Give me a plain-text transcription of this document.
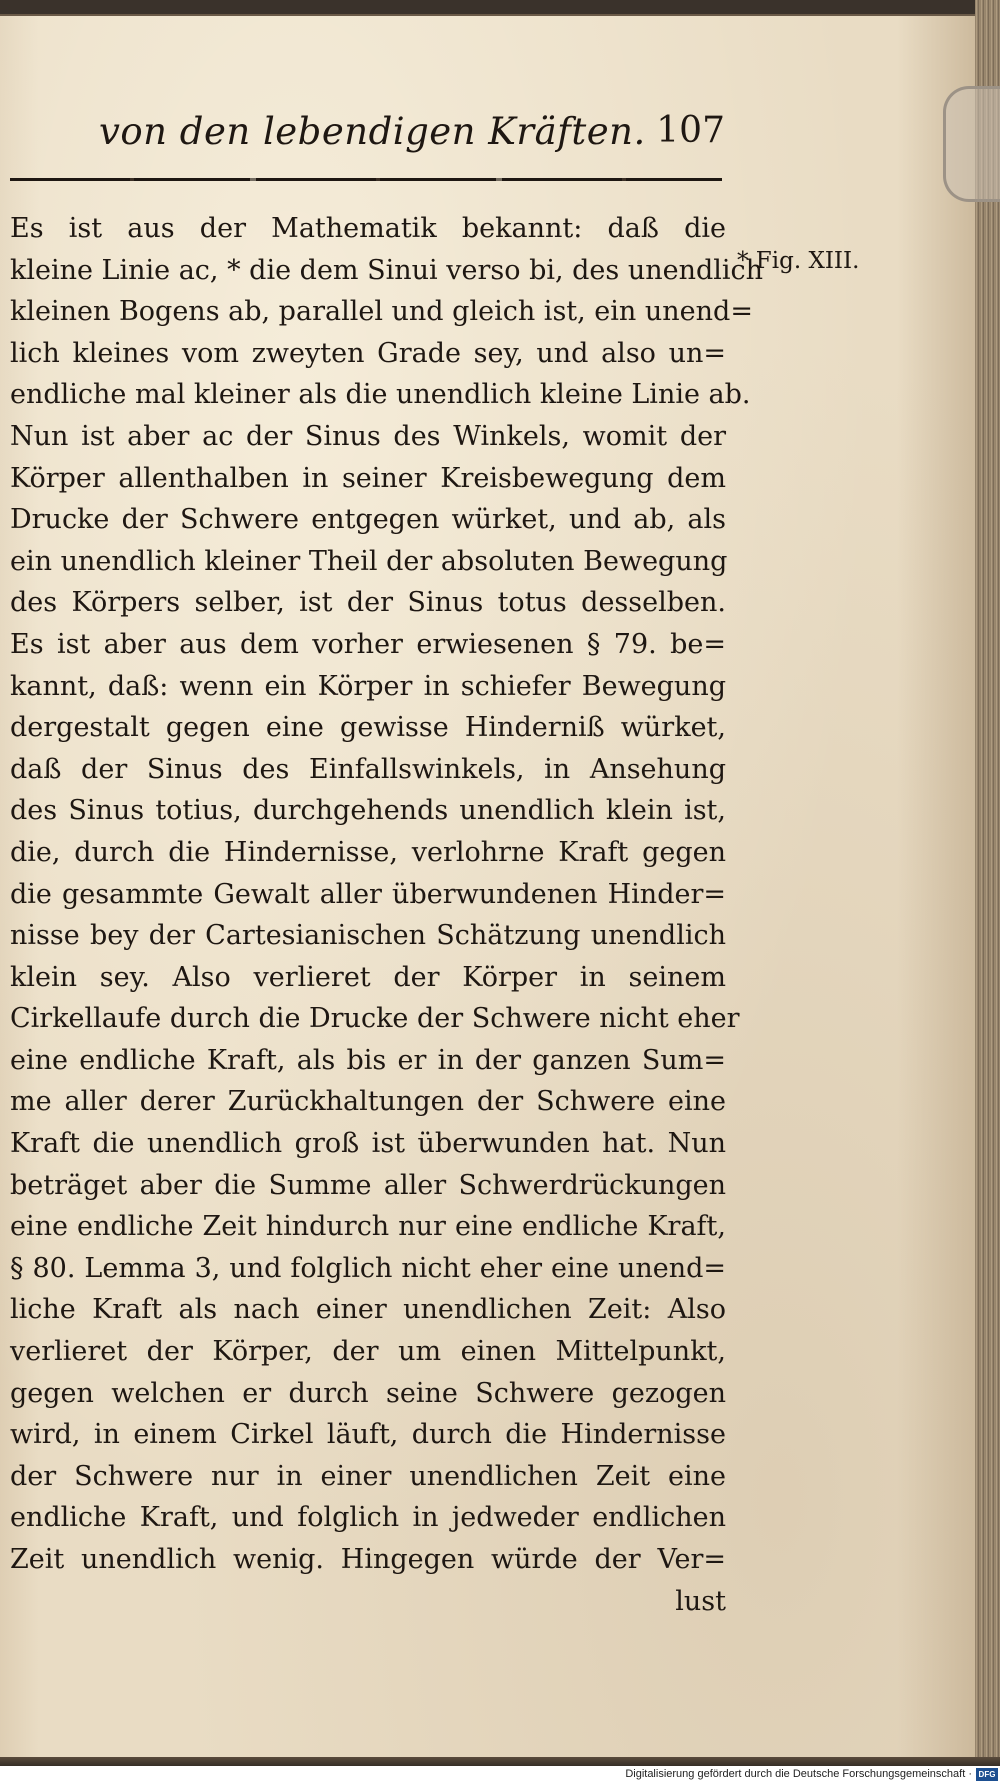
von den lebendigen Kräften. 107
Es ist aus der Mathematik bekannt: daß die
kleine Linie ac, * die dem Sinui verso bi, des unendlich
kleinen Bogens ab, parallel und gleich ist, ein unend=
lich kleines vom zweyten Grade sey, und also un=
endliche mal kleiner als die unendlich kleine Linie ab.
Nun ist aber ac der Sinus des Winkels, womit der
Körper allenthalben in seiner Kreisbewegung dem
Drucke der Schwere entgegen würket, und ab, als
ein unendlich kleiner Theil der absoluten Bewegung
des Körpers selber, ist der Sinus totus desselben.
Es ist aber aus dem vorher erwiesenen § 79. be=
kannt, daß: wenn ein Körper in schiefer Bewegung
dergestalt gegen eine gewisse Hinderniß würket,
daß der Sinus des Einfallswinkels, in Ansehung
des Sinus totius, durchgehends unendlich klein ist,
die, durch die Hindernisse, verlohrne Kraft gegen
die gesammte Gewalt aller überwundenen Hinder=
nisse bey der Cartesianischen Schätzung unendlich
klein sey. Also verlieret der Körper in seinem
Cirkellaufe durch die Drucke der Schwere nicht eher
eine endliche Kraft, als bis er in der ganzen Sum=
me aller derer Zurückhaltungen der Schwere eine
Kraft die unendlich groß ist überwunden hat. Nun
beträget aber die Summe aller Schwerdrückungen
eine endliche Zeit hindurch nur eine endliche Kraft,
§ 80. Lemma 3, und folglich nicht eher eine unend=
liche Kraft als nach einer unendlichen Zeit: Also
verlieret der Körper, der um einen Mittelpunkt,
gegen welchen er durch seine Schwere gezogen
wird, in einem Cirkel läuft, durch die Hindernisse
der Schwere nur in einer unendlichen Zeit eine
endliche Kraft, und folglich in jedweder endlichen
Zeit unendlich wenig. Hingegen würde der Ver=
lust
* Fig. XIII.
Digitalisierung gefördert durch die Deutsche Forschungsgemeinschaft · DFG
